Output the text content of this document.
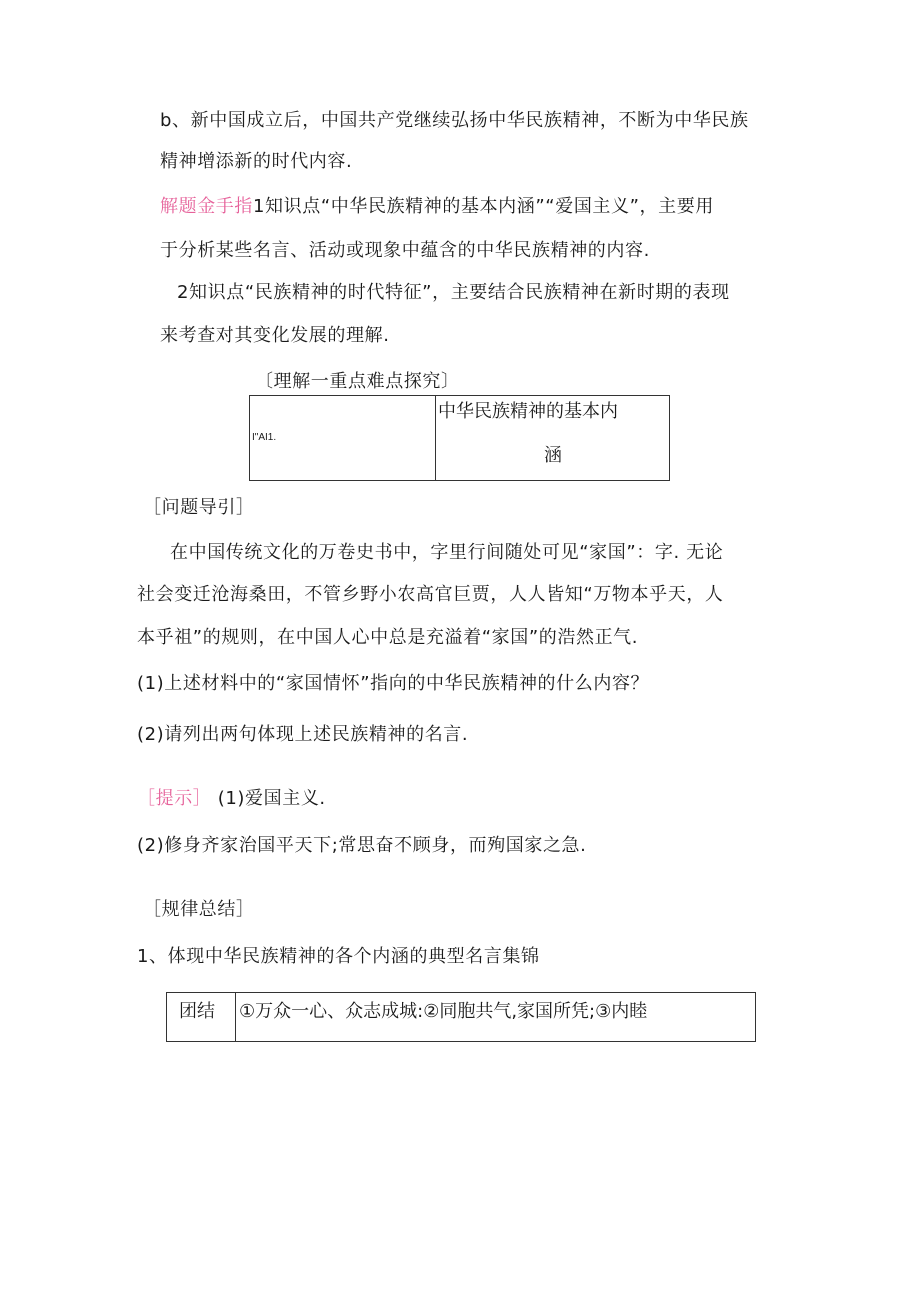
b、新中国成立后，中国共产党继续弘扬中华民族精神，不断为中华民族
精神增添新的时代内容.
解题金手指1知识点“中华民族精神的基本内涵”“爱国主义”，主要用
于分析某些名言、活动或现象中蕴含的中华民族精神的内容.
2知识点“民族精神的时代特征”，主要结合民族精神在新时期的表现
来考查对其变化发展的理解.
〔理解一重点难点探究〕
I"AI1.
中华民族精神的基本内
涵
［问题导引］
在中国传统文化的万卷史书中，字里行间随处可见“家国”：字. 无论
社会变迁沧海桑田，不管乡野小农高官巨贾，人人皆知“万物本乎天，人
本乎祖”的规则，在中国人心中总是充溢着“家国”的浩然正气.
(1)上述材料中的“家国情怀”指向的中华民族精神的什么内容？
(2)请列出两句体现上述民族精神的名言.
［提示］ (1)爱国主义.
(2)修身齐家治国平天下;常思奋不顾身，而殉国家之急.
［规律总结］
1、体现中华民族精神的各个内涵的典型名言集锦
团结 ①万众一心、众志成城:②同胞共气,家国所凭;③内睦
